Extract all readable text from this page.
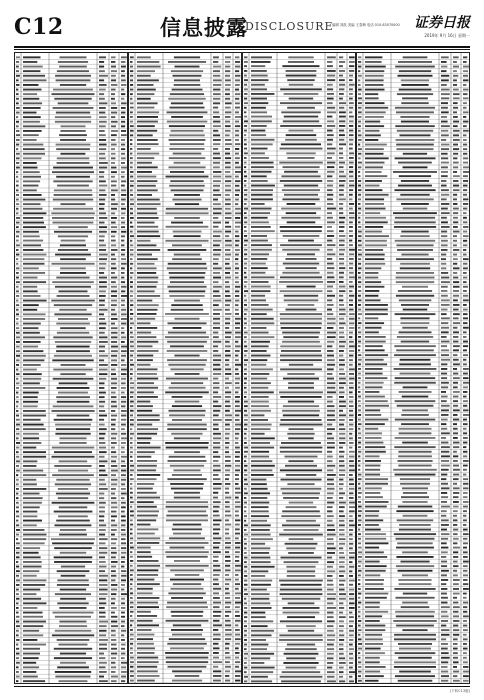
C12	信息披露
DISCLOSURE
编辑 刘凯 美编 王春梅 电话 010-63070000 证券日报
2019年 9月 16日 星期一
(下转C13版)
